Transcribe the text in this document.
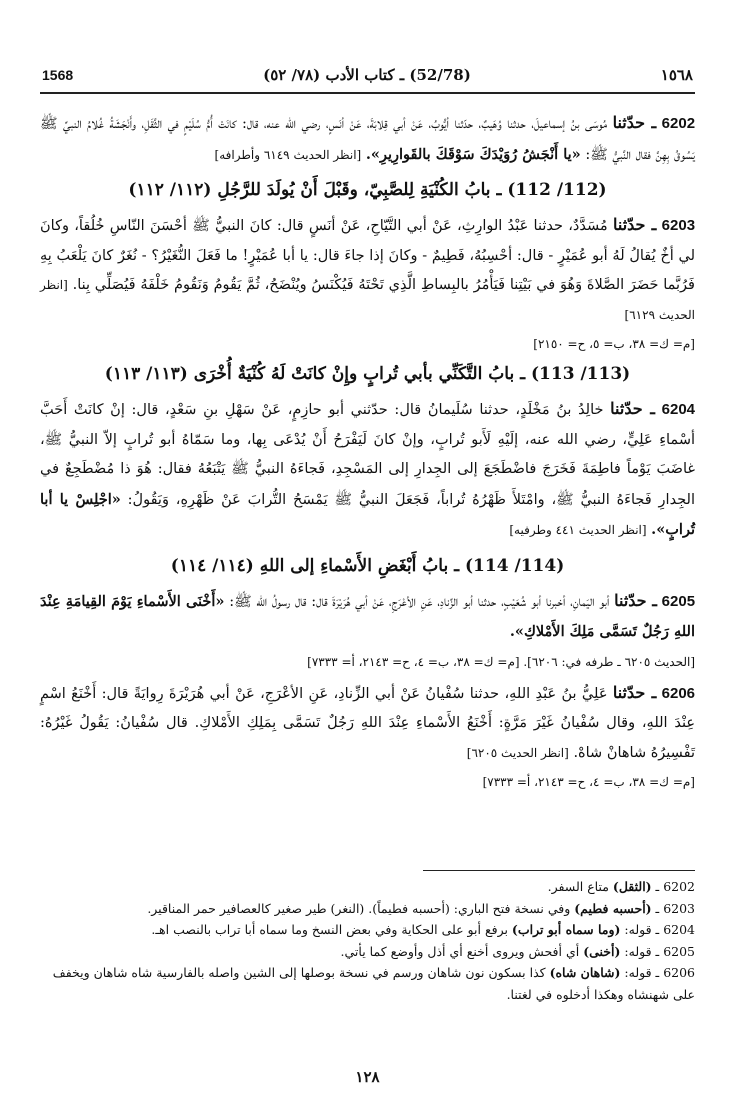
1568	(52/78) ـ كتاب الأدب (٧٨/ ٥٢)	١٥٦٨

6202 ـ حدّثنا مُوسَى بنُ إسماعيلَ، حدثنا وُهَيبٌ، حدّثنا أيُّوبُ، عَنْ أبي قِلابَةَ، عَنْ أنَسٍ، رضي الله عنه، قال: كانَتْ أُمُّ سُلَيْمٍ في الثَّقَلِ، وأَنْجَشَةُ غُلامُ النبيِّ ﷺ يَسُوقُ بِهِنَّ فقال النَّبيُّ ﷺ: «يا أَنْجَشُ رُوَيْدَكَ سَوْقَكَ بالقَوارِيرِ». [انظر الحديث ٦١٤٩ وأطرافه]

(112/ 112) ـ بابُ الكُنْيَةِ لِلصَّبِيّ، وقَبْلَ أَنْ يُولَدَ للرَّجُلِ (١١٢/ ١١٢)

6203 ـ حدّثنا مُسَدَّدٌ، حدثنا عَبْدُ الوارِثِ، عَنْ أبي التَّيّاحِ، عَنْ أنَسٍ قال: كانَ النبيُّ ﷺ أحْسَنَ النّاسِ خُلُقاً، وكانَ لي أخٌ يُقالُ لَهُ أبو عُمَيْرٍ - قال: أحْسِبُهُ، فَطِيمٌ - وكانَ إذا جاءَ قال: يا أبا عُمَيْرٍ! ما فَعَلَ النُّغَيْرُ؟ - نُغَرٌ كانَ يَلْعَبُ بِهِ فَرُبَّما حَضَرَ الصَّلاةَ وَهُوَ في بَيْتِنا فَيَأْمُرُ بالبِساطِ الَّذِي تَحْتَهُ فَيُكْنَسُ ويُنْضَحُ، ثُمَّ يَقُومُ وَنَقُومُ خَلْفَهُ فَيُصَلِّي بِنا. [انظر الحديث ٦١٢٩]

[م= ك= ٣٨، ب= ٥، ح= ٢١٥٠]

(113/ 113) ـ بابُ التَّكَنِّي بأبي تُرابٍ وإِنْ كانَتْ لَهُ كُنْيَةٌ أُخْرَى (١١٣/ ١١٣)

6204 ـ حدّثنا خالِدُ بنُ مَخْلَدٍ، حدثنا سُلَيمانُ قال: حدّثني أبو حازِمٍ، عَنْ سَهْلِ بنِ سَعْدٍ، قال: إنْ كانَتْ أَحَبَّ أسْماءِ عَلِيٍّ، رضي الله عنه، إلَيْهِ لَأَبو تُرابٍ، وإنْ كانَ لَيَفْرَحُ أَنْ يُدْعَى بِها، وما سَمّاهُ أبو تُرابٍ إلاّ النبيُّ ﷺ، غاضَبَ يَوْماً فاطِمَةَ فَخَرَجَ فاضْطَجَعَ إلى الجِدارِ إلى المَسْجِدِ، فَجاءَهُ النبيُّ ﷺ يَتْبَعُهُ فقال: هُوَ ذا مُضْطَجِعٌ في الجِدارِ فَجاءَهُ النبيُّ ﷺ، وامْتَلأَ ظَهْرُهُ تُراباً، فَجَعَلَ النبيُّ ﷺ يَمْسَحُ التُّرابَ عَنْ ظَهْرِهِ، وَيَقُولُ: «اجْلِسْ يا أبا تُرابٍ». [انظر الحديث ٤٤١ وطرفيه]

(114/ 114) ـ بابُ أَبْغَضِ الأَسْماءِ إلى اللهِ (١١٤/ ١١٤)

6205 ـ حدّثنا أبو اليَمانِ، أخبرنا أبو شُعَيْبٍ، حدثنا أبو الزِّنادِ، عَنِ الأعْرَجِ، عَنْ أبي هُرَيْرَةَ قال: قال رسولُ الله ﷺ: «أَخْنَى الأَسْماءِ يَوْمَ القِيامَةِ عِنْدَ اللهِ رَجُلٌ تَسَمَّى مَلِكَ الأَمْلاكِ».

[الحديث ٦٢٠٥ ـ طرفه في: ٦٢٠٦]. [م= ك= ٣٨، ب= ٤، ح= ٢١٤٣، أ= ٧٣٣٣]

6206 ـ حدّثنا عَلِيُّ بنُ عَبْدِ اللهِ، حدثنا سُفْيانُ عَنْ أبي الزِّنادِ، عَنِ الأعْرَجِ، عَنْ أبي هُرَيْرَةَ رِوايَةً قال: أَخْنَعُ اسْمٍ عِنْدَ اللهِ، وقال سُفْيانُ غَيْرَ مَرَّةٍ: أَخْنَعُ الأَسْماءِ عِنْدَ اللهِ رَجُلٌ تَسَمَّى بِمَلِكِ الأَمْلاكِ. قال سُفْيانُ: يَقُولُ غَيْرُهُ: تَفْسِيرُهُ شاهانْ شاهْ. [انظر الحديث ٦٢٠٥]

[م= ك= ٣٨، ب= ٤، ح= ٢١٤٣، أ= ٧٣٣٣]

6202 ـ (الثقل) متاع السفر.

6203 ـ (أحسبه فطيم) وفي نسخة فتح الباري: (أحسبه فطيماً). (النغر) طير صغير كالعصافير حمر المناقير.

6204 ـ قوله: (وما سماه أبو تراب) برفع أبو على الحكاية وفي بعض النسخ وما سماه أبا تراب بالنصب اهـ.

6205 ـ قوله: (أخنى) أي أفحش ويروى أخنع أي أذل وأوضع كما يأتي.

6206 ـ قوله: (شاهان شاه) كذا بسكون نون شاهان ورسم في نسخة بوصلها إلى الشين واصله بالفارسية شاه شاهان ويخفف على شهنشاه وهكذا أدخلوه في لغتنا.

١٢٨
